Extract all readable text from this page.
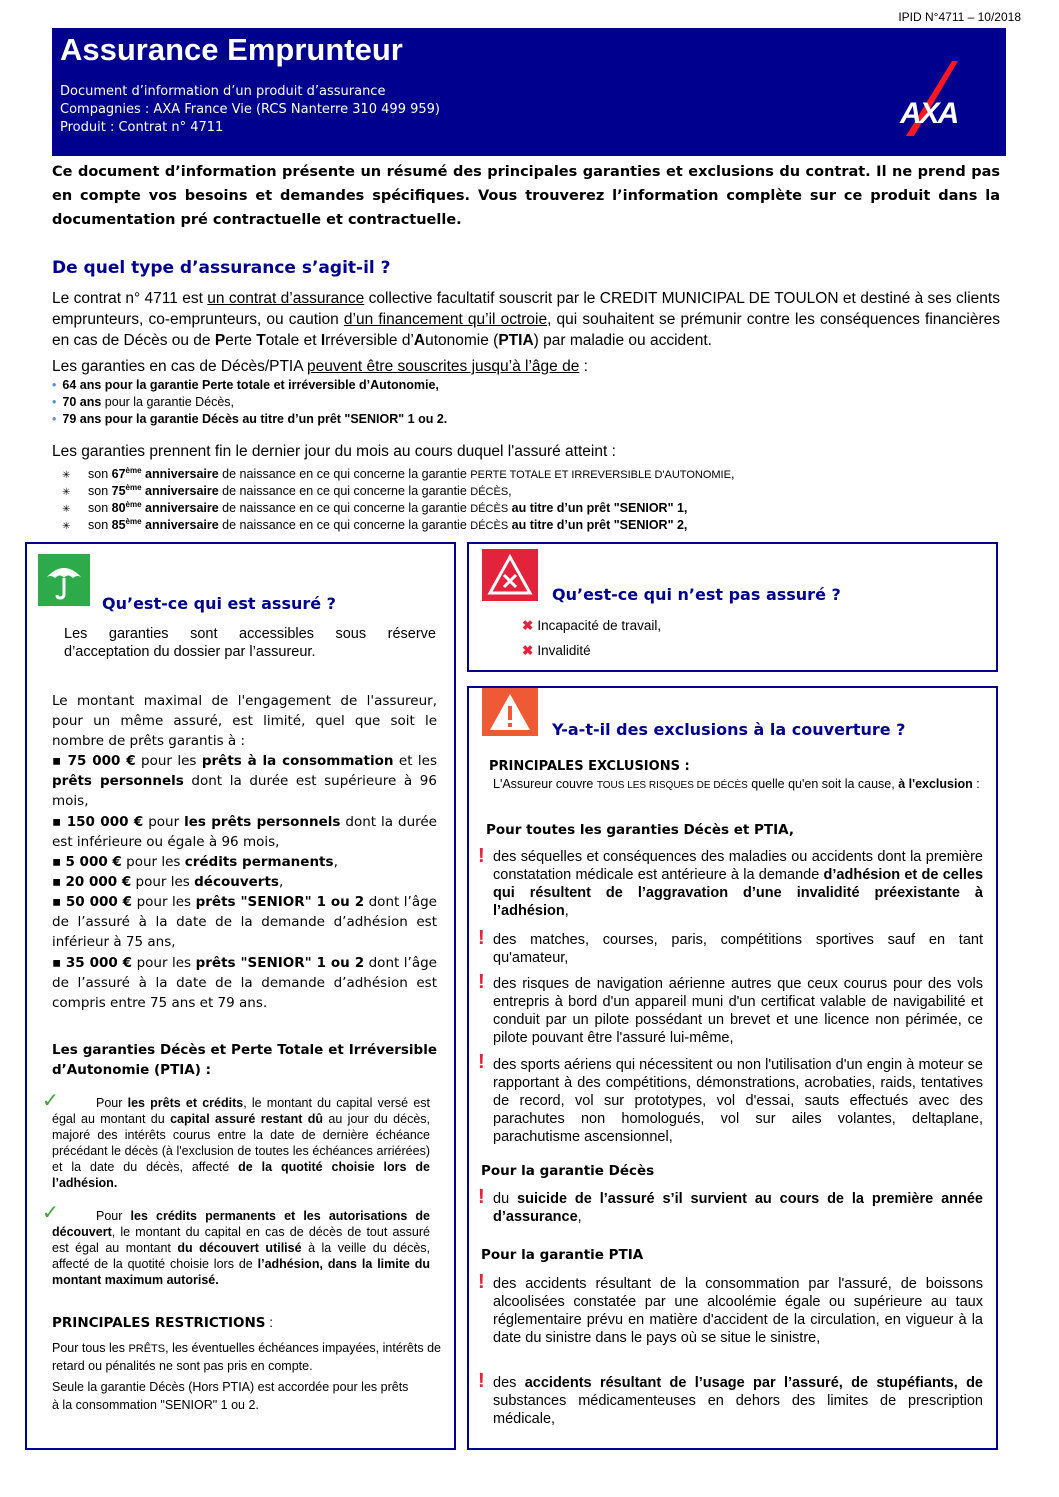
IPID N°4711 – 10/2018
Assurance Emprunteur
Document d’information d’un produit d’assurance
Compagnies : AXA France Vie (RCS Nanterre 310 499 959)
Produit : Contrat n° 4711	AXA
Ce document d’information présente un résumé des principales garanties et exclusions du contrat. Il ne prend pas en compte vos besoins et demandes spécifiques. Vous trouverez l’information complète sur ce produit dans la documentation pré contractuelle et contractuelle.
De quel type d’assurance s’agit-il ?
Le contrat n° 4711 est un contrat d’assurance collective facultatif souscrit par le CREDIT MUNICIPAL DE TOULON et destiné à ses clients emprunteurs, co-emprunteurs, ou caution d’un financement qu’il octroie, qui souhaitent se prémunir contre les conséquences financières en cas de Décès ou de Perte Totale et Irréversible d’Autonomie (PTIA) par maladie ou accident.
Les garanties en cas de Décès/PTIA peuvent être souscrites jusqu’à l’âge de :
• 64 ans pour la garantie Perte totale et irréversible d’Autonomie,
• 70 ans pour la garantie Décès,
• 79 ans pour la garantie Décès au titre d’un prêt "SENIOR" 1 ou 2.
Les garanties prennent fin le dernier jour du mois au cours duquel l'assuré atteint :
✳ son 67ème anniversaire de naissance en ce qui concerne la garantie PERTE TOTALE ET IRREVERSIBLE D'AUTONOMIE,
✳ son 75ème anniversaire de naissance en ce qui concerne la garantie DÉCÈS,
✳ son 80ème anniversaire de naissance en ce qui concerne la garantie DÉCÈS au titre d’un prêt "SENIOR" 1,
✳ son 85ème anniversaire de naissance en ce qui concerne la garantie DÉCÈS au titre d’un prêt "SENIOR" 2,
Qu’est-ce qui est assuré ?
Les garanties sont accessibles sous réserve
d’acceptation du dossier par l’assureur.
Le montant maximal de l'engagement de l'assureur, pour un même assuré, est limité, quel que soit le nombre de prêts garantis à :
▪ 75 000 € pour les prêts à la consommation et les prêts personnels dont la durée est supérieure à 96 mois,
▪ 150 000 € pour les prêts personnels dont la durée est inférieure ou égale à 96 mois,
▪ 5 000 € pour les crédits permanents,
▪ 20 000 € pour les découverts,
▪ 50 000 € pour les prêts "SENIOR" 1 ou 2 dont l’âge de l’assuré à la date de la demande d’adhésion est inférieur à 75 ans,
▪ 35 000 € pour les prêts "SENIOR" 1 ou 2 dont l’âge de l’assuré à la date de la demande d’adhésion est compris entre 75 ans et 79 ans.
Les garanties Décès et Perte Totale et Irréversible d’Autonomie (PTIA) :
✓	Pour les prêts et crédits, le montant du capital versé est égal au montant du capital assuré restant dû au jour du décès, majoré des intérêts courus entre la date de dernière échéance précédant le décès (à l'exclusion de toutes les échéances arriérées) et la date du décès, affecté de la quotité choisie lors de l’adhésion.
✓	Pour les crédits permanents et les autorisations de découvert, le montant du capital en cas de décès de tout assuré est égal au montant du découvert utilisé à la veille du décès, affecté de la quotité choisie lors de l’adhésion, dans la limite du montant maximum autorisé.
PRINCIPALES RESTRICTIONS :
Pour tous les PRÊTS, les éventuelles échéances impayées, intérêts de retard ou pénalités ne sont pas pris en compte.
Seule la garantie Décès (Hors PTIA) est accordée pour les prêts à la consommation "SENIOR" 1 ou 2.
Qu’est-ce qui n’est pas assuré ?
✖ Incapacité de travail,
✖ Invalidité
Y-a-t-il des exclusions à la couverture ?
PRINCIPALES EXCLUSIONS :
L'Assureur couvre TOUS LES RISQUES DE DÉCÈS quelle qu'en soit la cause, à l'exclusion :
Pour toutes les garanties Décès et PTIA,
! des séquelles et conséquences des maladies ou accidents dont la première constatation médicale est antérieure à la demande d’adhésion et de celles qui résultent de l’aggravation d’une invalidité préexistante à l’adhésion,
! des matches, courses, paris, compétitions sportives sauf en tant qu'amateur,
! des risques de navigation aérienne autres que ceux courus pour des vols entrepris à bord d'un appareil muni d'un certificat valable de navigabilité et conduit par un pilote possédant un brevet et une licence non périmée, ce pilote pouvant être l'assuré lui-même,
! des sports aériens qui nécessitent ou non l'utilisation d'un engin à moteur se rapportant à des compétitions, démonstrations, acrobaties, raids, tentatives de record, vol sur prototypes, vol d'essai, sauts effectués avec des parachutes non homologués, vol sur ailes volantes, deltaplane, parachutisme ascensionnel,
Pour la garantie Décès
! du suicide de l’assuré s’il survient au cours de la première année d’assurance,
Pour la garantie PTIA
! des accidents résultant de la consommation par l'assuré, de boissons alcoolisées constatée par une alcoolémie égale ou supérieure au taux réglementaire prévu en matière d'accident de la circulation, en vigueur à la date du sinistre dans le pays où se situe le sinistre,
! des accidents résultant de l’usage par l’assuré, de stupéfiants, de substances médicamenteuses en dehors des limites de prescription médicale,
